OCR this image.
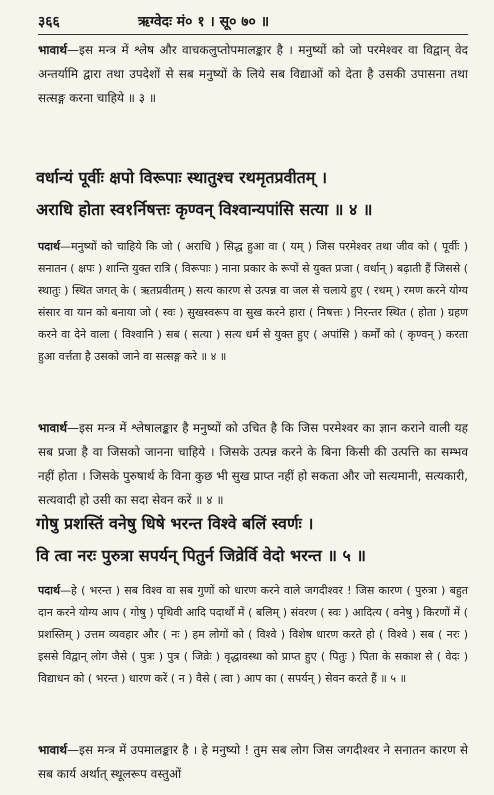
३६६	ऋग्वेदः मं० १ । सू० ७० ॥
भावार्थ—इस मन्त्र में श्लेष और वाचकलुप्तोपमालङ्कार है । मनुष्यों को जो परमेश्वर वा विद्वान् वेद अन्तर्यामि द्वारा तथा उपदेशों से सब मनुष्यों के लिये सब विद्याओं को देता है उसकी उपासना तथा सत्सङ्ग करना चाहिये ॥ ३ ॥
वर्धान्यं पूर्वीः क्षपो विरूपाः स्थातुश्च रथमृतप्रवीतम् ।
अराधि होता स्व१र्निषत्तः कृण्वन् विश्वान्यपांसि सत्या ॥ ४ ॥
पदार्थ—मनुष्यों को चाहिये कि जो ( अराधि ) सिद्ध हुआ वा ( यम् ) जिस परमेश्वर तथा जीव को ( पूर्वीः ) सनातन ( क्षपः ) शान्ति युक्त रात्रि ( विरूपाः ) नाना प्रकार के रूपों से युक्त प्रजा ( वर्धान् ) बढ़ाती हैं जिससे ( स्थातुः ) स्थित जगत् के ( ऋतप्रवीतम् ) सत्य कारण से उत्पन्न वा जल से चलाये हुए ( रथम् ) रमण करने योग्य संसार वा यान को बनाया जो ( स्वः ) सुखस्वरूप वा सुख करने हारा ( निषत्तः ) निरन्तर स्थित ( होता ) ग्रहण करने वा देने वाला ( विश्वानि ) सब ( सत्या ) सत्य धर्म से युक्त हुए ( अपांसि ) कर्मों को ( कृण्वन् ) करता हुआ वर्त्तता है उसको जाने वा सत्सङ्ग करे ॥ ४ ॥
भावार्थ—इस मन्त्र में श्लेषालङ्कार है मनुष्यों को उचित है कि जिस परमेश्वर का ज्ञान कराने वाली यह सब प्रजा है वा जिसको जानना चाहिये । जिसके उत्पन्न करने के बिना किसी की उत्पत्ति का सम्भव नहीं होता । जिसके पुरुषार्थ के विना कुछ भी सुख प्राप्त नहीं हो सकता और जो सत्यमानी, सत्यकारी, सत्यवादी हो उसी का सदा सेवन करें ॥ ४ ॥
गोषु प्रशस्तिं वनेषु धिषे भरन्त विश्वे बलिं स्वर्णः ।
वि त्वा नरः पुरुत्रा सपर्यन् पितुर्न जिव्रेर्वि वेदो भरन्त ॥ ५ ॥
पदार्थ—हे ( भरन्त ) सब विश्व वा सब गुणों को धारण करने वाले जगदीश्वर ! जिस कारण ( पुरुत्रा ) बहुत दान करने योग्य आप ( गोषु ) पृथिवी आदि पदार्थों में ( बलिम् ) संवरण ( स्वः ) आदित्य ( वनेषु ) किरणों में ( प्रशस्तिम् ) उत्तम व्यवहार और ( नः ) हम लोगों को ( विश्वे ) विशेष धारण करते हो ( विश्वे ) सब ( नरः ) इससे विद्वान् लोग जैसे ( पुत्रः ) पुत्र ( जिव्रेः ) वृद्धावस्था को प्राप्त हुए ( पितुः ) पिता के सकाश से ( वेदः ) विद्याधन को ( भरन्त ) धारण करें ( न ) वैसे ( त्वा ) आप का ( सपर्यन् ) सेवन करते हैं ॥ ५ ॥
भावार्थ—इस मन्त्र में उपमालङ्कार है । हे मनुष्यो ! तुम सब लोग जिस जगदीश्वर ने सनातन कारण से सब कार्य अर्थात् स्थूलरूप वस्तुओं
